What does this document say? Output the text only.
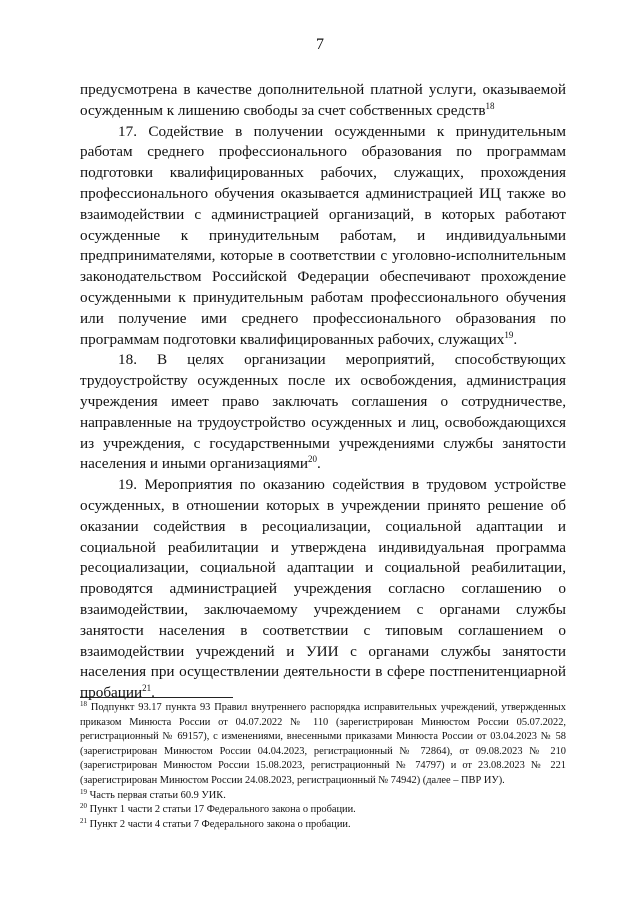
7

предусмотрена в качестве дополнительной платной услуги, оказываемой осужденным к лишению свободы за счет собственных средств$^{18}$

17. Содействие в получении осужденными к принудительным работам среднего профессионального образования по программам подготовки квалифицированных рабочих, служащих, прохождения профессионального обучения оказывается администрацией ИЦ также во взаимодействии с администрацией организаций, в которых работают осужденные к принудительным работам, и индивидуальными предпринимателями, которые в соответствии с уголовно-исполнительным законодательством Российской Федерации обеспечивают прохождение осужденными к принудительным работам профессионального обучения или получение ими среднего профессионального образования по программам подготовки квалифицированных рабочих, служащих$^{19}$.

18. В целях организации мероприятий, способствующих трудоустройству осужденных после их освобождения, администрация учреждения имеет право заключать соглашения о сотрудничестве, направленные на трудоустройство осужденных и лиц, освобождающихся из учреждения, с государственными учреждениями службы занятости населения и иными организациями$^{20}$.

19. Мероприятия по оказанию содействия в трудовом устройстве осужденных, в отношении которых в учреждении принято решение об оказании содействия в ресоциализации, социальной адаптации и социальной реабилитации и утверждена индивидуальная программа ресоциализации, социальной адаптации и социальной реабилитации, проводятся администрацией учреждения согласно соглашению о взаимодействии, заключаемому учреждением с органами службы занятости населения в соответствии с типовым соглашением о взаимодействии учреждений и УИИ с органами службы занятости населения при осуществлении деятельности в сфере постпенитенциарной пробации$^{21}$.

$^{18}$ Подпункт 93.17 пункта 93 Правил внутреннего распорядка исправительных учреждений, утвержденных приказом Минюста России от 04.07.2022 № 110 (зарегистрирован Минюстом России 05.07.2022, регистрационный № 69157), с изменениями, внесенными приказами Минюста России от 03.04.2023 № 58 (зарегистрирован Минюстом России 04.04.2023, регистрационный № 72864), от 09.08.2023 № 210 (зарегистрирован Минюстом России 15.08.2023, регистрационный № 74797) и от 23.08.2023 № 221 (зарегистрирован Минюстом России 24.08.2023, регистрационный № 74942) (далее – ПВР ИУ).

$^{19}$ Часть первая статьи 60.9 УИК.

$^{20}$ Пункт 1 части 2 статьи 17 Федерального закона о пробации.

$^{21}$ Пункт 2 части 4 статьи 7 Федерального закона о пробации.
